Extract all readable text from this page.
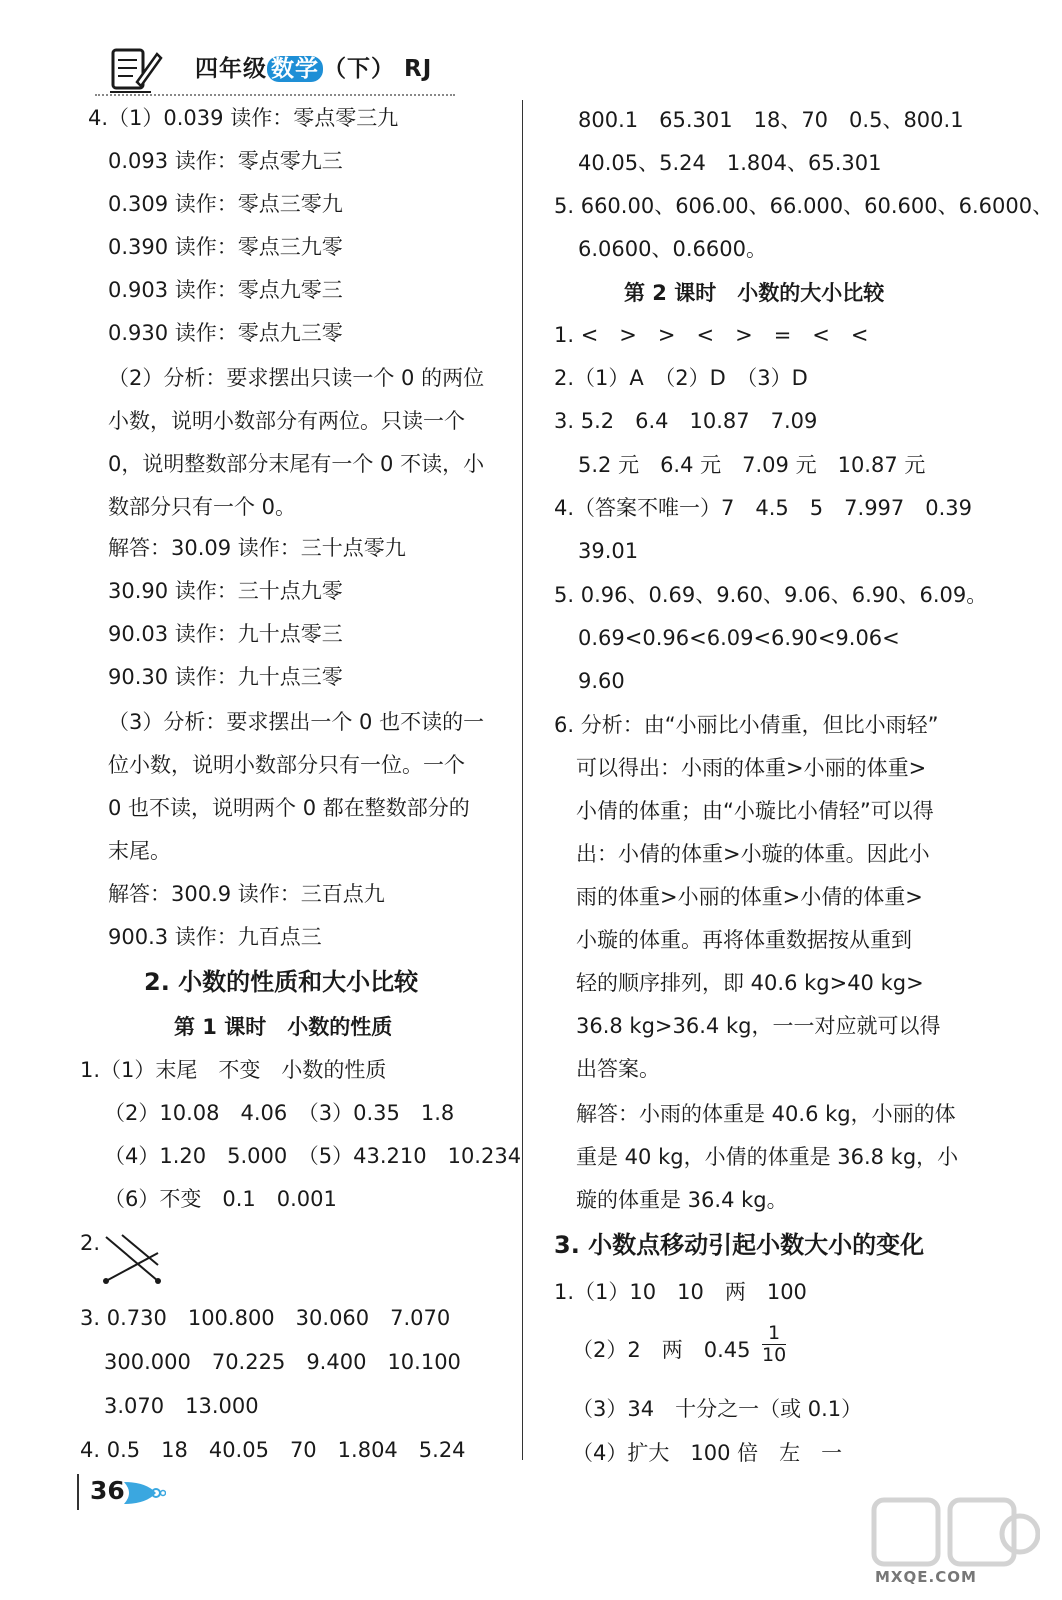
四年级 数学 （下） RJ
4.（1）0.039 读作：零点零三九
0.093 读作：零点零九三
0.309 读作：零点三零九
0.390 读作：零点三九零
0.903 读作：零点九零三
0.930 读作：零点九三零
（2）分析：要求摆出只读一个 0 的两位
小数，说明小数部分有两位。只读一个
0，说明整数部分末尾有一个 0 不读，小
数部分只有一个 0。
解答：30.09 读作：三十点零九
30.90 读作：三十点九零
90.03 读作：九十点零三
90.30 读作：九十点三零
（3）分析：要求摆出一个 0 也不读的一
位小数，说明小数部分只有一位。一个
0 也不读，说明两个 0 都在整数部分的
末尾。
解答：300.9 读作：三百点九
900.3 读作：九百点三
2. 小数的性质和大小比较
第 1 课时　小数的性质
1.（1）末尾　不变　小数的性质
（2）10.08　4.06　（3）0.35　1.8
（4）1.20　5.000　（5）43.210　10.234
（6）不变　0.1　0.001
2.
3. 0.730　100.800　30.060　7.070
300.000　70.225　9.400　10.100
3.070　13.000
4. 0.5　18　40.05　70　1.804　5.24
800.1　65.301　18、70　0.5、800.1
40.05、5.24　1.804、65.301
5. 660.00、606.00、66.000、60.600、6.6000、
6.0600、0.6600。
第 2 课时　小数的大小比较
1. <　>　>　<　>　=　<　<
2.（1）A　（2）D　（3）D
3. 5.2　6.4　10.87　7.09
5.2 元　6.4 元　7.09 元　10.87 元
4.（答案不唯一）7　4.5　5　7.997　0.39
39.01
5. 0.96、0.69、9.60、9.06、6.90、6.09。
0.69<0.96<6.09<6.90<9.06<
9.60
6. 分析：由“小丽比小倩重，但比小雨轻”
可以得出：小雨的体重>小丽的体重>
小倩的体重；由“小璇比小倩轻”可以得
出：小倩的体重>小璇的体重。因此小
雨的体重>小丽的体重>小倩的体重>
小璇的体重。再将体重数据按从重到
轻的顺序排列，即 40.6 kg>40 kg>
36.8 kg>36.4 kg，一一对应就可以得
出答案。
解答：小雨的体重是 40.6 kg，小丽的体
重是 40 kg，小倩的体重是 36.8 kg，小
璇的体重是 36.4 kg。
3. 小数点移动引起小数大小的变化
1.（1）10　10　两　100
（2）2　两　$0.45 \frac{1}{10}$
（3）34　十分之一（或 0.1）
（4）扩大　100 倍　左　一
36
MXQE.COM
